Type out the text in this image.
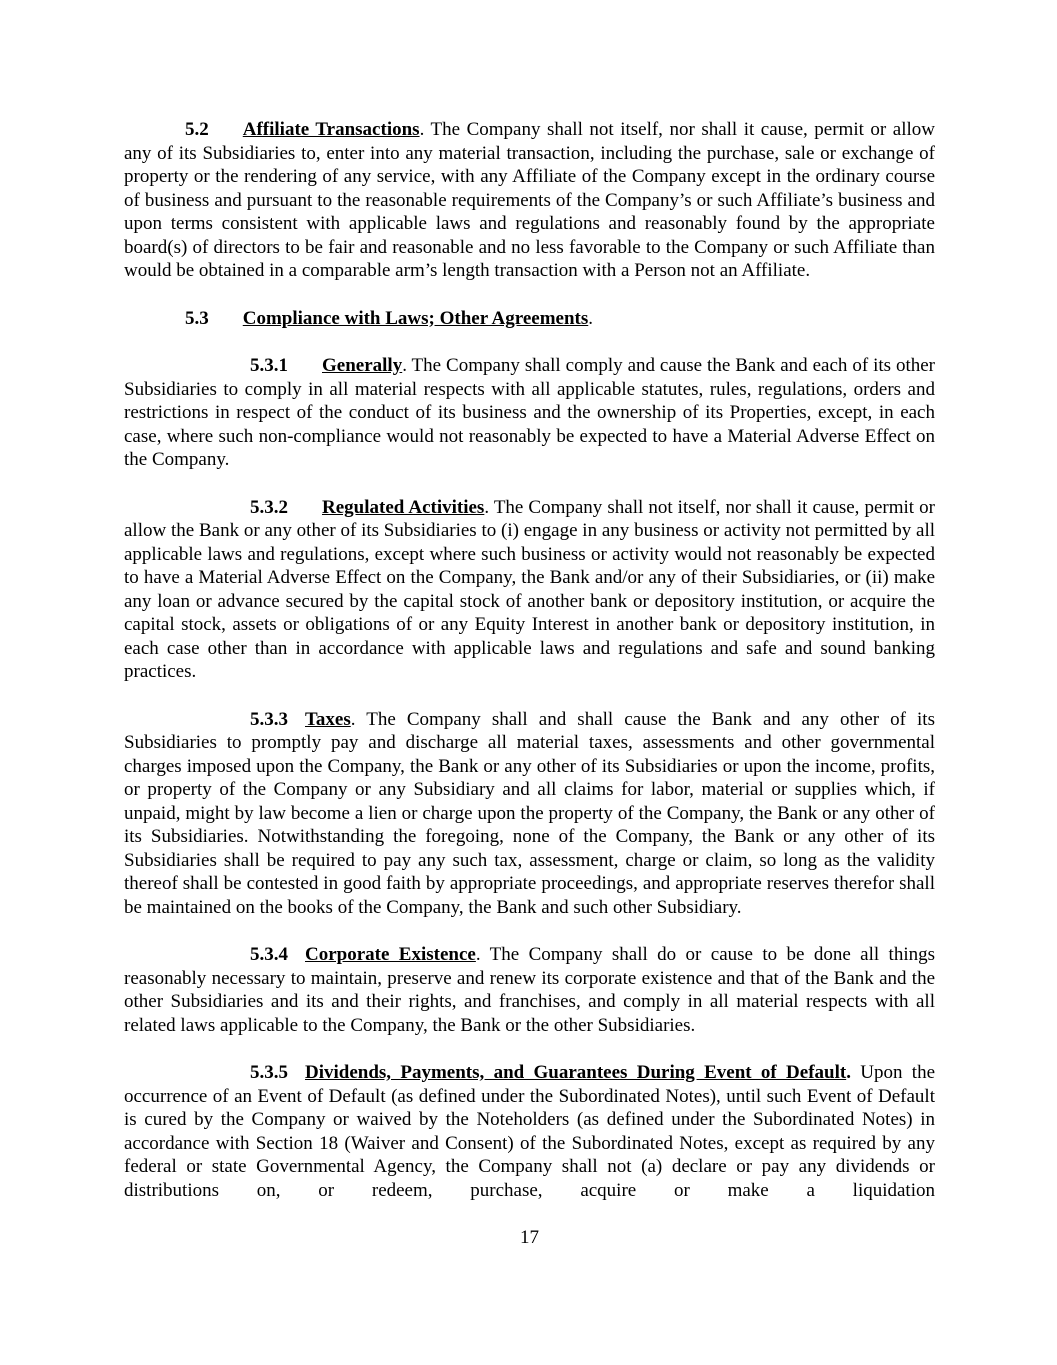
5.2 Affiliate Transactions. The Company shall not itself, nor shall it cause, permit or allow any of its Subsidiaries to, enter into any material transaction, including the purchase, sale or exchange of property or the rendering of any service, with any Affiliate of the Company except in the ordinary course of business and pursuant to the reasonable requirements of the Company’s or such Affiliate’s business and upon terms consistent with applicable laws and regulations and reasonably found by the appropriate board(s) of directors to be fair and reasonable and no less favorable to the Company or such Affiliate than would be obtained in a comparable arm’s length transaction with a Person not an Affiliate.

5.3 Compliance with Laws; Other Agreements.

5.3.1 Generally. The Company shall comply and cause the Bank and each of its other Subsidiaries to comply in all material respects with all applicable statutes, rules, regulations, orders and restrictions in respect of the conduct of its business and the ownership of its Properties, except, in each case, where such non-compliance would not reasonably be expected to have a Material Adverse Effect on the Company.

5.3.2 Regulated Activities. The Company shall not itself, nor shall it cause, permit or allow the Bank or any other of its Subsidiaries to (i) engage in any business or activity not permitted by all applicable laws and regulations, except where such business or activity would not reasonably be expected to have a Material Adverse Effect on the Company, the Bank and/or any of their Subsidiaries, or (ii) make any loan or advance secured by the capital stock of another bank or depository institution, or acquire the capital stock, assets or obligations of or any Equity Interest in another bank or depository institution, in each case other than in accordance with applicable laws and regulations and safe and sound banking practices.

5.3.3 Taxes. The Company shall and shall cause the Bank and any other of its Subsidiaries to promptly pay and discharge all material taxes, assessments and other governmental charges imposed upon the Company, the Bank or any other of its Subsidiaries or upon the income, profits, or property of the Company or any Subsidiary and all claims for labor, material or supplies which, if unpaid, might by law become a lien or charge upon the property of the Company, the Bank or any other of its Subsidiaries. Notwithstanding the foregoing, none of the Company, the Bank or any other of its Subsidiaries shall be required to pay any such tax, assessment, charge or claim, so long as the validity thereof shall be contested in good faith by appropriate proceedings, and appropriate reserves therefor shall be maintained on the books of the Company, the Bank and such other Subsidiary.

5.3.4 Corporate Existence. The Company shall do or cause to be done all things reasonably necessary to maintain, preserve and renew its corporate existence and that of the Bank and the other Subsidiaries and its and their rights, and franchises, and comply in all material respects with all related laws applicable to the Company, the Bank or the other Subsidiaries.

5.3.5 Dividends, Payments, and Guarantees During Event of Default. Upon the occurrence of an Event of Default (as defined under the Subordinated Notes), until such Event of Default is cured by the Company or waived by the Noteholders (as defined under the Subordinated Notes) in accordance with Section 18 (Waiver and Consent) of the Subordinated Notes, except as required by any federal or state Governmental Agency, the Company shall not (a) declare or pay any dividends or distributions on, or redeem, purchase, acquire or make a liquidation

17
